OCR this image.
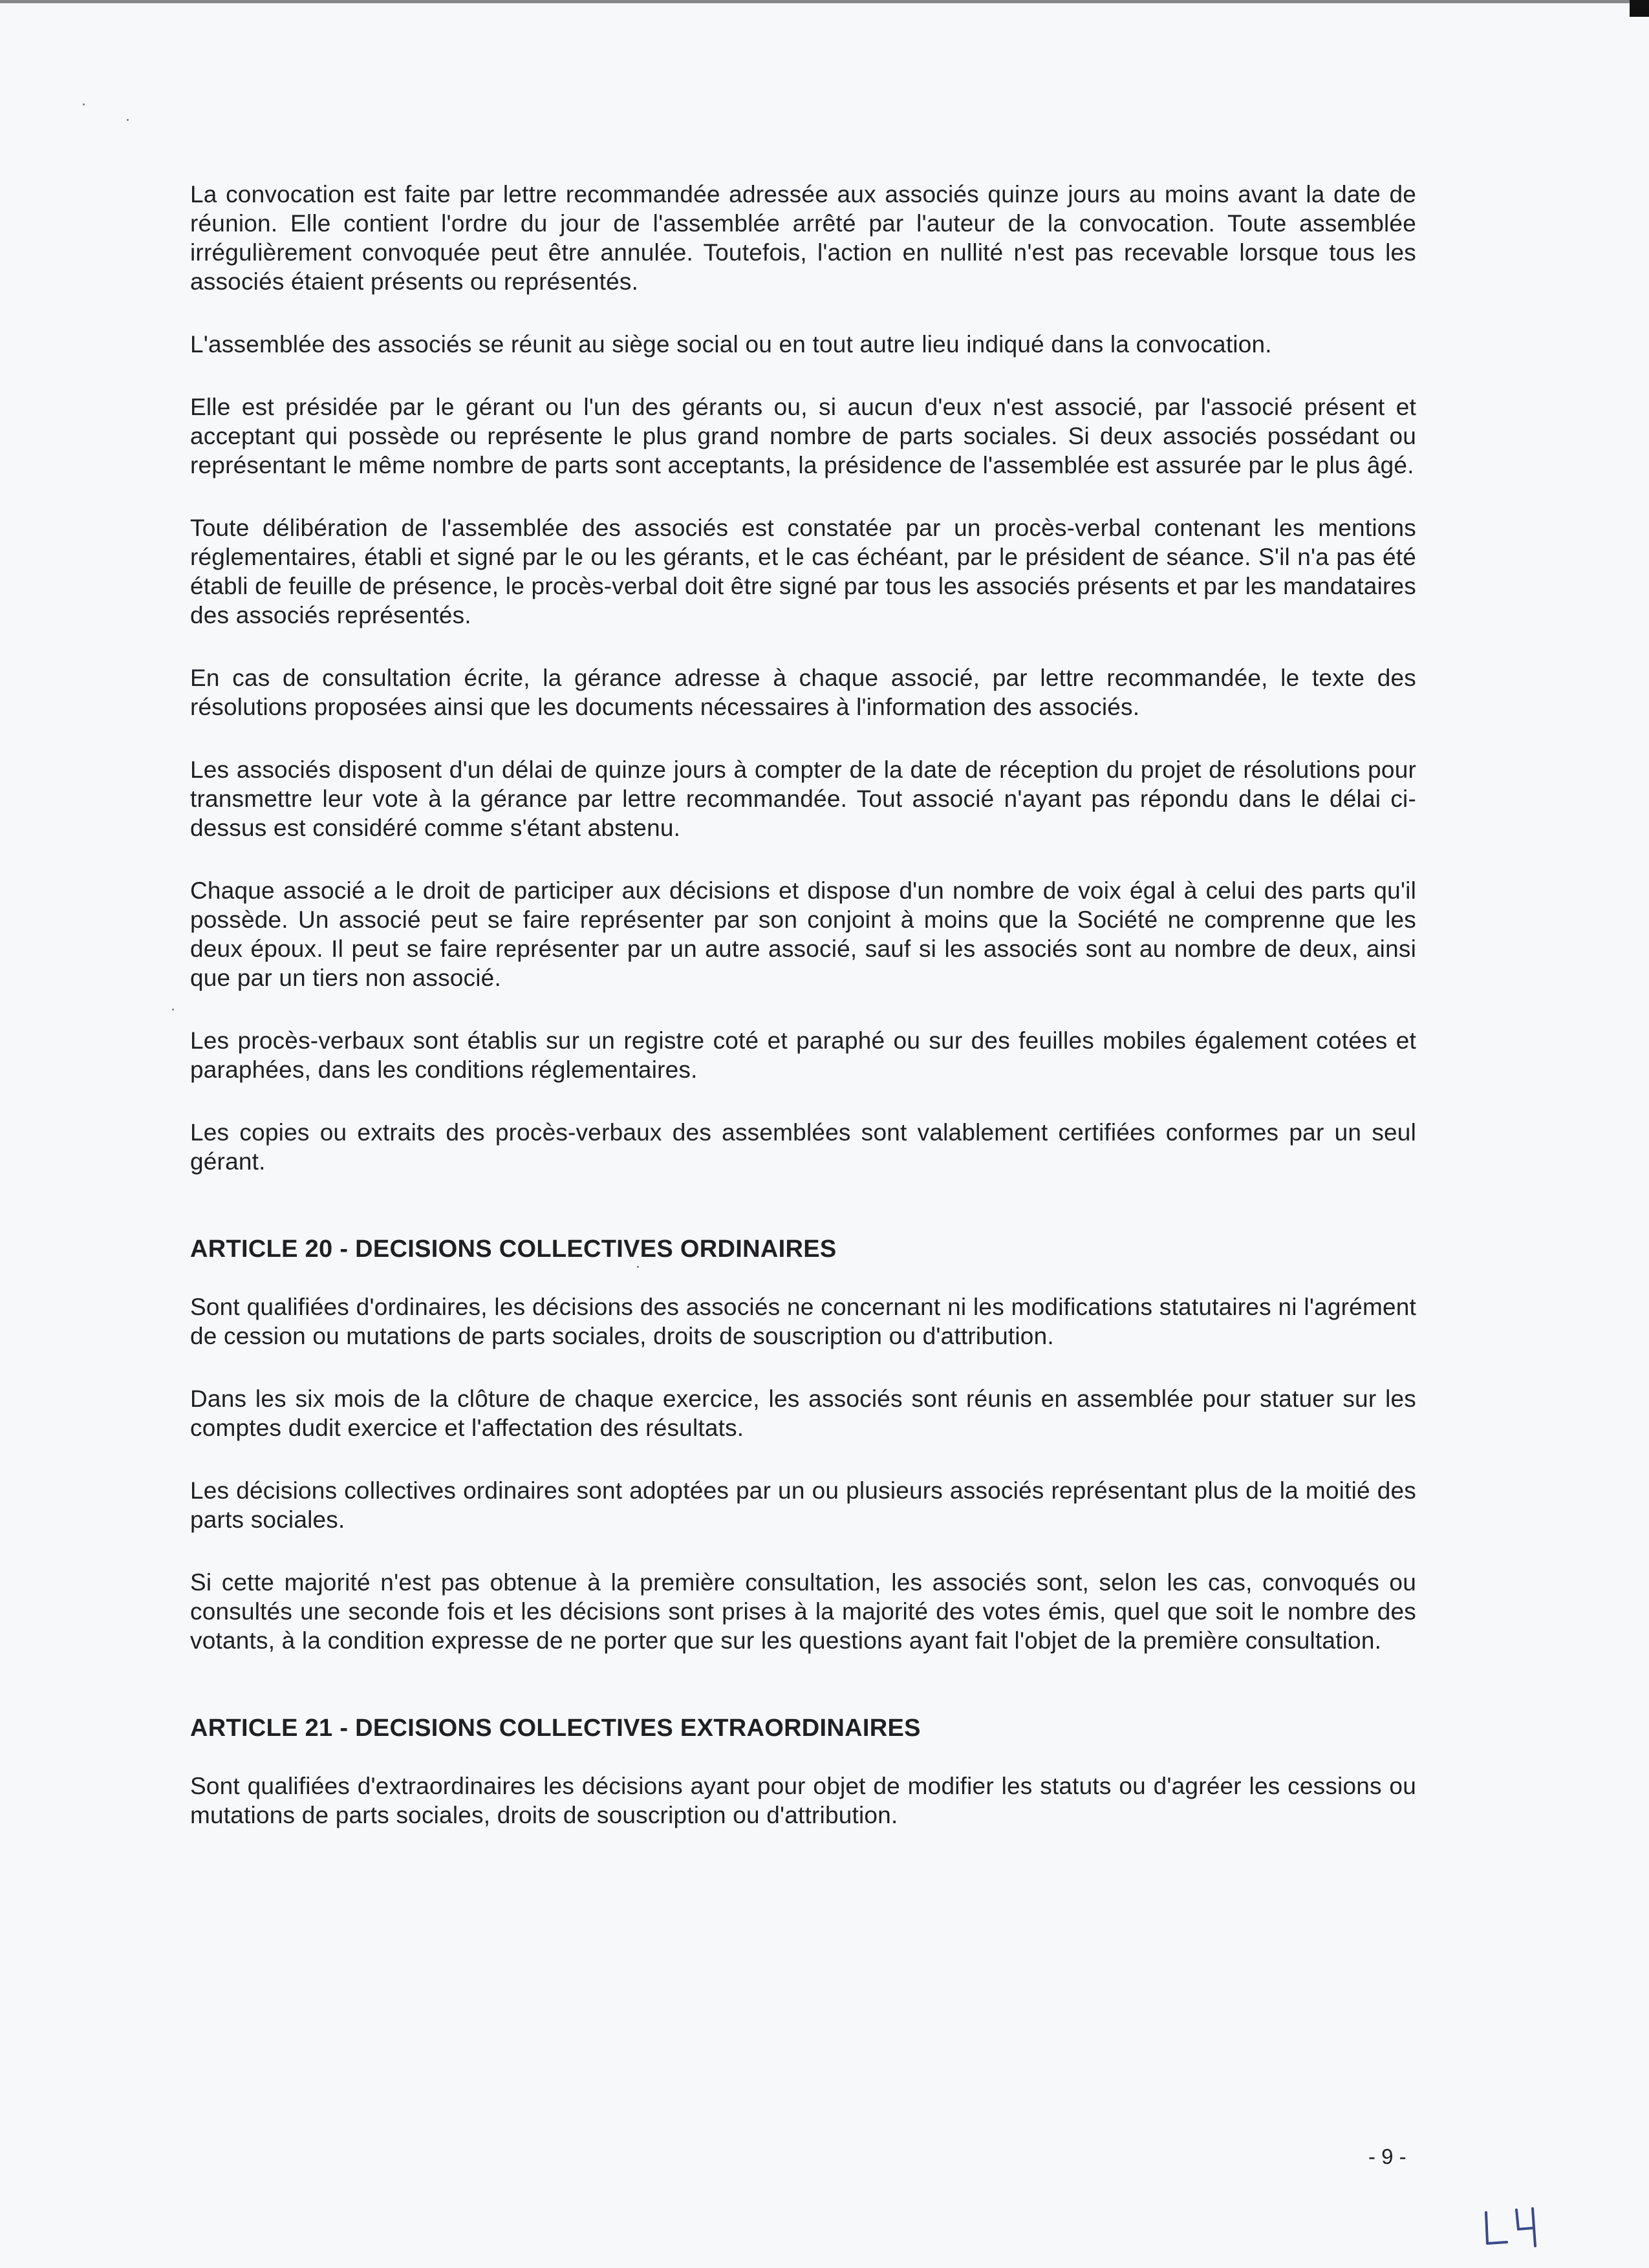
La convocation est faite par lettre recommandée adressée aux associés quinze jours au moins avant la date de réunion. Elle contient l'ordre du jour de l'assemblée arrêté par l'auteur de la convocation. Toute assemblée irrégulièrement convoquée peut être annulée. Toutefois, l'action en nullité n'est pas recevable lorsque tous les associés étaient présents ou représentés.

L'assemblée des associés se réunit au siège social ou en tout autre lieu indiqué dans la convocation.

Elle est présidée par le gérant ou l'un des gérants ou, si aucun d'eux n'est associé, par l'associé présent et acceptant qui possède ou représente le plus grand nombre de parts sociales. Si deux associés possédant ou représentant le même nombre de parts sont acceptants, la présidence de l'assemblée est assurée par le plus âgé.

Toute délibération de l'assemblée des associés est constatée par un procès-verbal contenant les mentions réglementaires, établi et signé par le ou les gérants, et le cas échéant, par le président de séance. S'il n'a pas été établi de feuille de présence, le procès-verbal doit être signé par tous les associés présents et par les mandataires des associés représentés.

En cas de consultation écrite, la gérance adresse à chaque associé, par lettre recommandée, le texte des résolutions proposées ainsi que les documents nécessaires à l'information des associés.

Les associés disposent d'un délai de quinze jours à compter de la date de réception du projet de résolutions pour transmettre leur vote à la gérance par lettre recommandée. Tout associé n'ayant pas répondu dans le délai ci-dessus est considéré comme s'étant abstenu.

Chaque associé a le droit de participer aux décisions et dispose d'un nombre de voix égal à celui des parts qu'il possède. Un associé peut se faire représenter par son conjoint à moins que la Société ne comprenne que les deux époux. Il peut se faire représenter par un autre associé, sauf si les associés sont au nombre de deux, ainsi que par un tiers non associé.

Les procès-verbaux sont établis sur un registre coté et paraphé ou sur des feuilles mobiles également cotées et paraphées, dans les conditions réglementaires.

Les copies ou extraits des procès-verbaux des assemblées sont valablement certifiées conformes par un seul gérant.

ARTICLE 20 - DECISIONS COLLECTIVES ORDINAIRES

Sont qualifiées d'ordinaires, les décisions des associés ne concernant ni les modifications statutaires ni l'agrément de cession ou mutations de parts sociales, droits de souscription ou d'attribution.

Dans les six mois de la clôture de chaque exercice, les associés sont réunis en assemblée pour statuer sur les comptes dudit exercice et l'affectation des résultats.

Les décisions collectives ordinaires sont adoptées par un ou plusieurs associés représentant plus de la moitié des parts sociales.

Si cette majorité n'est pas obtenue à la première consultation, les associés sont, selon les cas, convoqués ou consultés une seconde fois et les décisions sont prises à la majorité des votes émis, quel que soit le nombre des votants, à la condition expresse de ne porter que sur les questions ayant fait l'objet de la première consultation.

ARTICLE 21 - DECISIONS COLLECTIVES EXTRAORDINAIRES

Sont qualifiées d'extraordinaires les décisions ayant pour objet de modifier les statuts ou d'agréer les cessions ou mutations de parts sociales, droits de souscription ou d'attribution.

- 9 -
